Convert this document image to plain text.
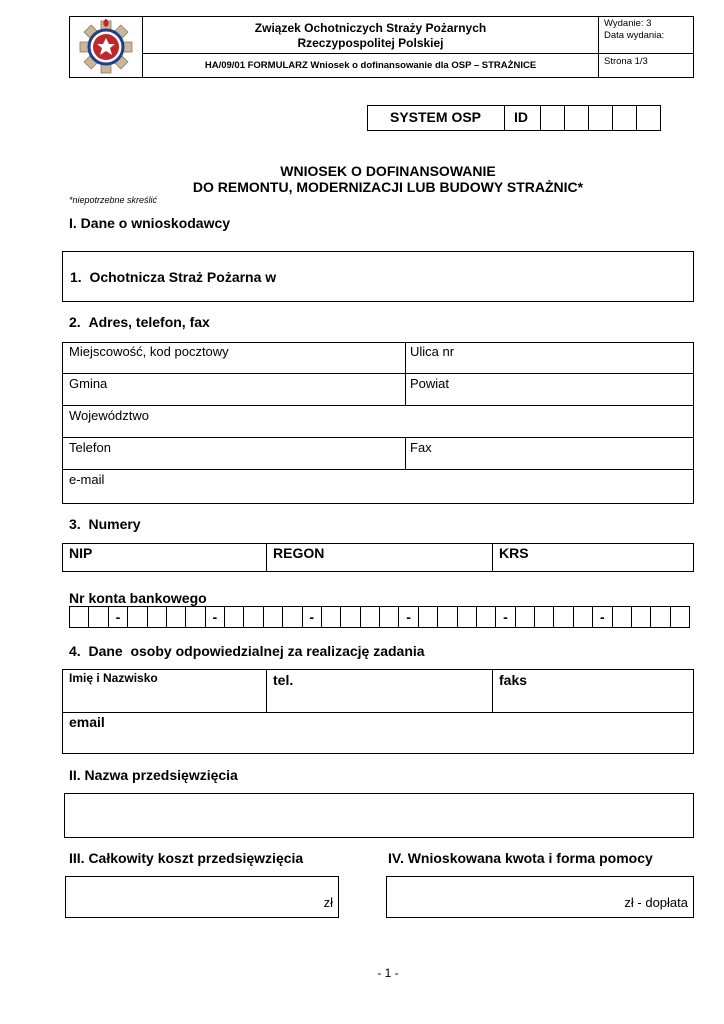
Związek Ochotniczych Straży Pożarnych
Rzeczypospolitej Polskiej
HA/09/01 FORMULARZ Wniosek o dofinansowanie dla OSP – STRAŻNICE
Wydanie: 3
Data wydania:
Strona 1/3
SYSTEM OSP	ID
WNIOSEK O DOFINANSOWANIE
DO REMONTU, MODERNIZACJI LUB BUDOWY STRAŻNIC*
*niepotrzebne skreślić
I. Dane o wnioskodawcy
1.  Ochotnicza Straż Pożarna w
2.  Adres, telefon, fax
Miejscowość, kod pocztowy	Ulica nr
Gmina	Powiat
Województwo
Telefon	Fax
e-mail
3.  Numery
NIP	REGON	KRS
Nr konta bankowego
-	-	-	-	-	-
4.  Dane  osoby odpowiedzialnej za realizację zadania
Imię i Nazwisko	tel.	faks
email
II. Nazwa przedsięwzięcia
III. Całkowity koszt przedsięwzięcia	IV. Wnioskowana kwota i forma pomocy
zł	zł - dopłata
- 1 -
